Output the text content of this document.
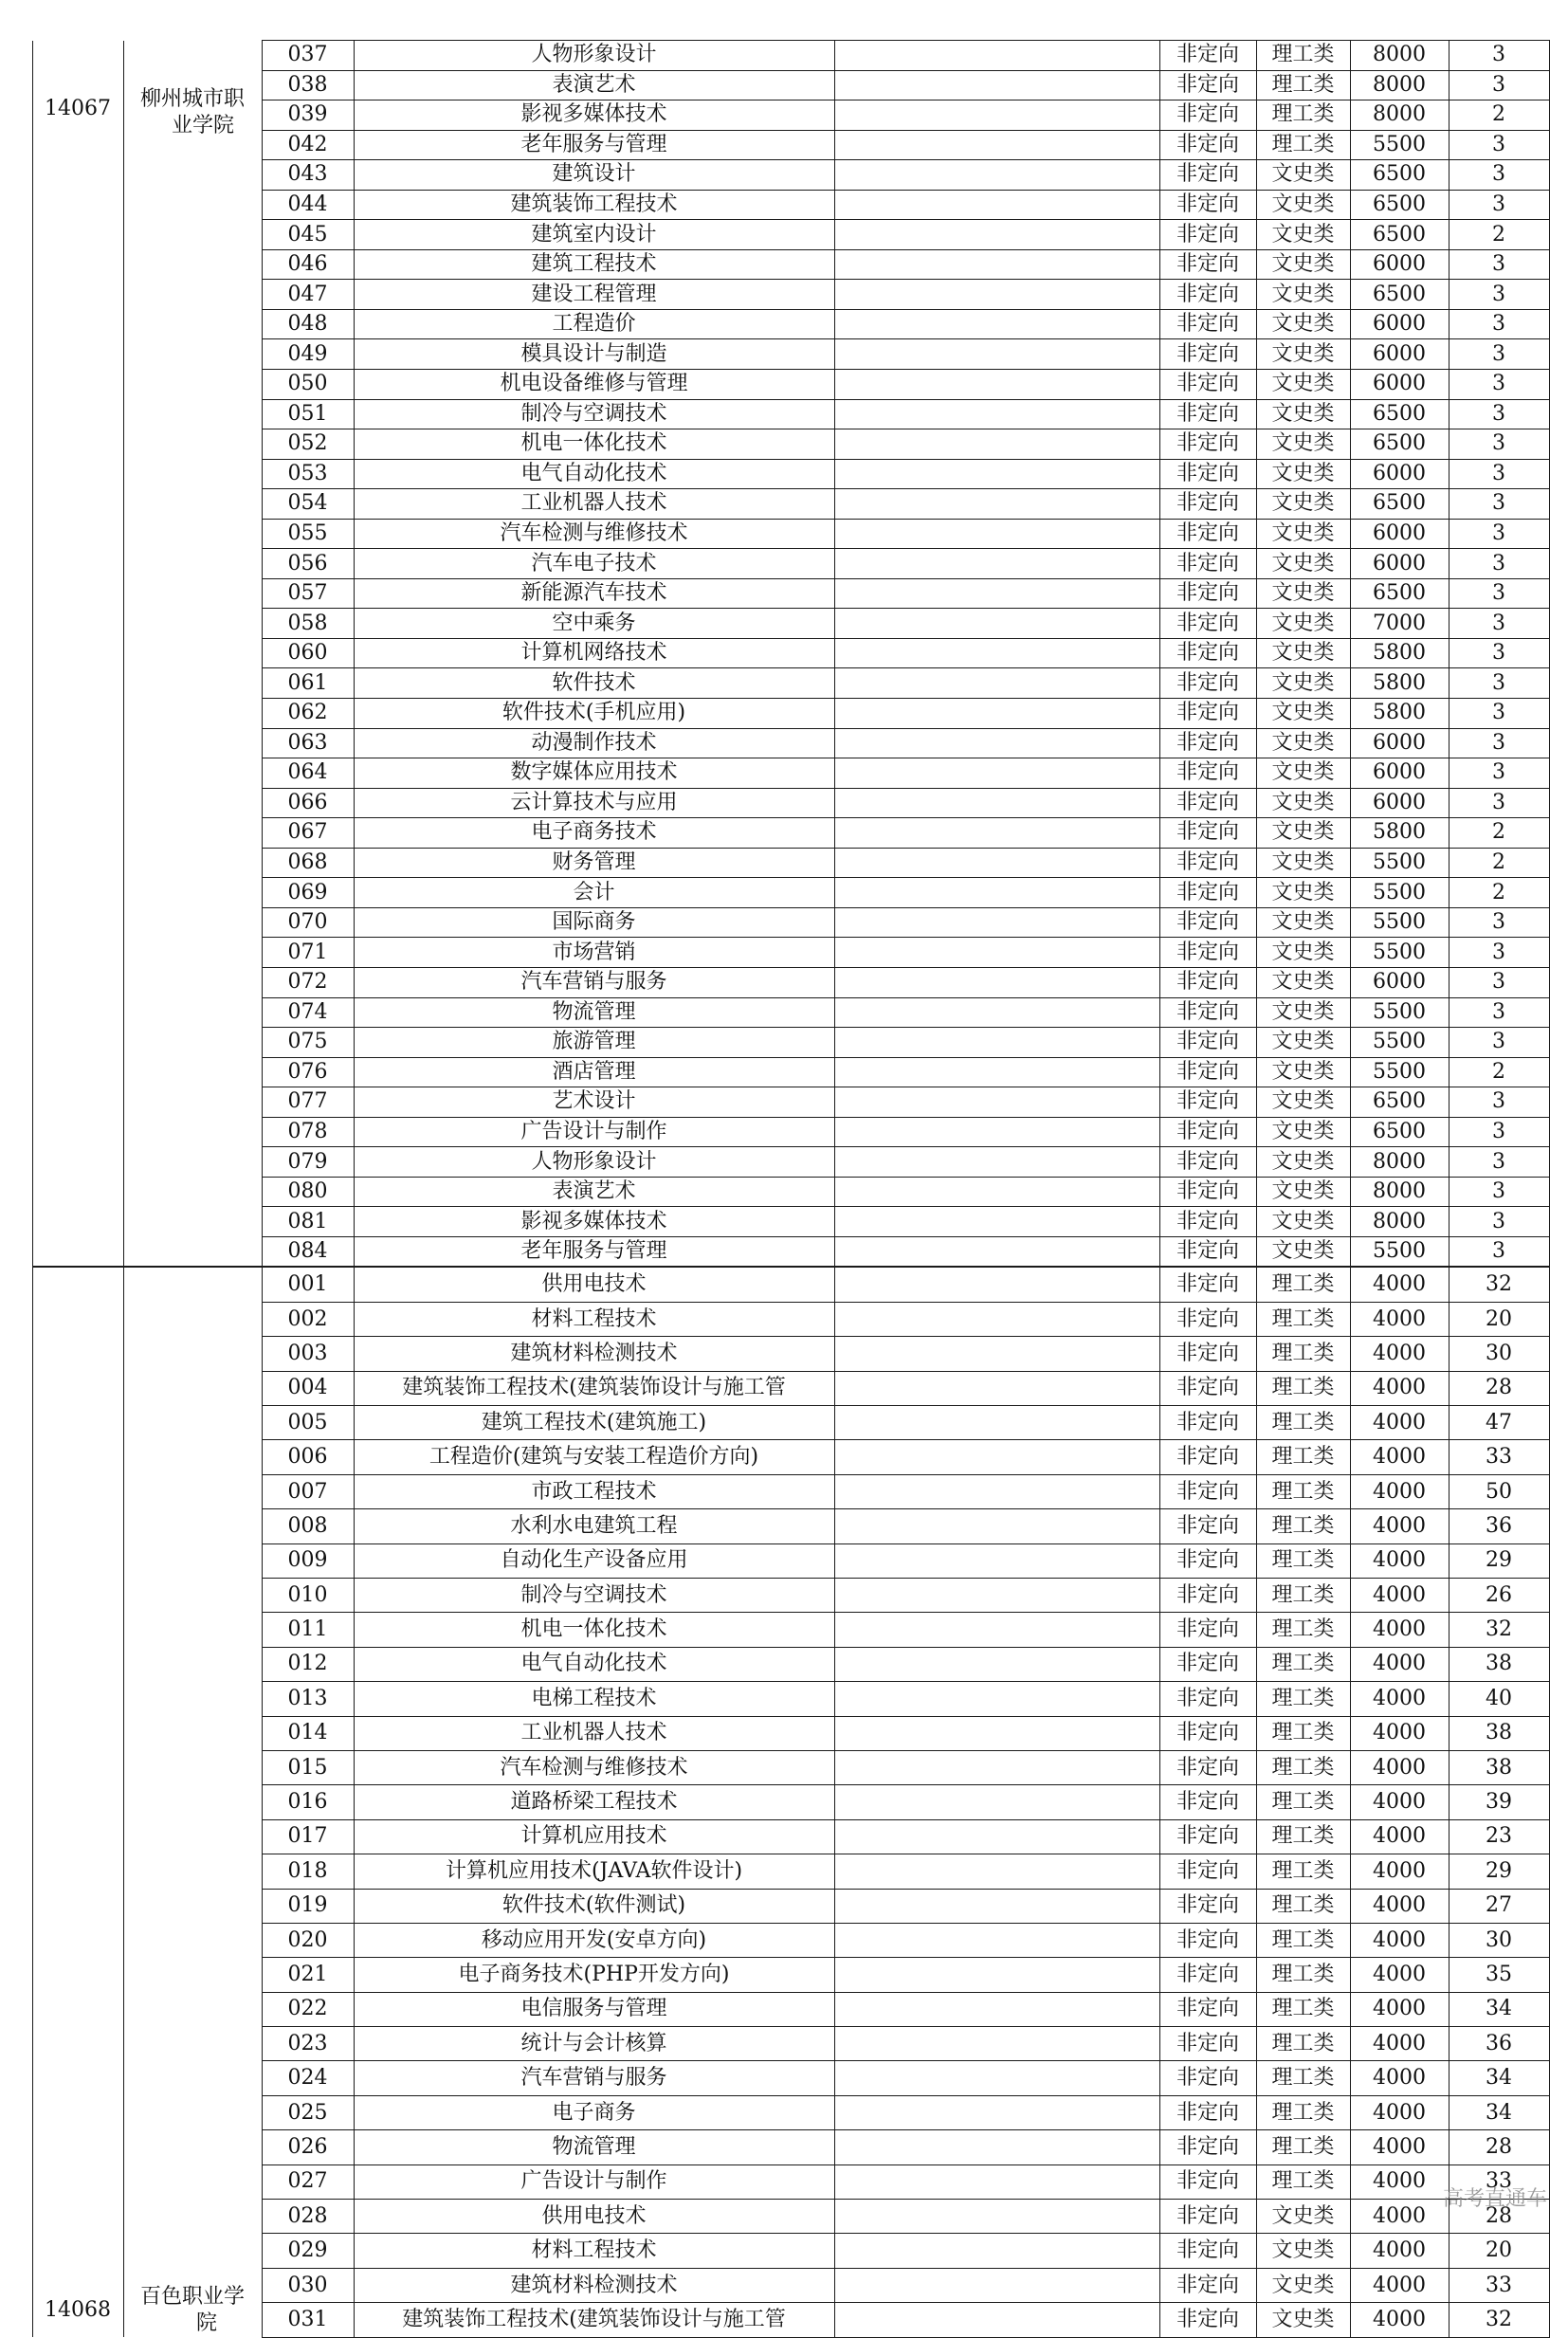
	14067	柳州城市职
业学院	037	人物形象设计		非定向	理工类	8000	3
		038	表演艺术		非定向	理工类	8000	3
		039	影视多媒体技术		非定向	理工类	8000	2
		042	老年服务与管理		非定向	理工类	5500	3
		043	建筑设计		非定向	文史类	6500	3
		044	建筑装饰工程技术		非定向	文史类	6500	3
		045	建筑室内设计		非定向	文史类	6500	2
		046	建筑工程技术		非定向	文史类	6000	3
		047	建设工程管理		非定向	文史类	6500	3
		048	工程造价		非定向	文史类	6000	3
		049	模具设计与制造		非定向	文史类	6000	3
		050	机电设备维修与管理		非定向	文史类	6000	3
		051	制冷与空调技术		非定向	文史类	6500	3
		052	机电一体化技术		非定向	文史类	6500	3
		053	电气自动化技术		非定向	文史类	6000	3
		054	工业机器人技术		非定向	文史类	6500	3
		055	汽车检测与维修技术		非定向	文史类	6000	3
		056	汽车电子技术		非定向	文史类	6000	3
		057	新能源汽车技术		非定向	文史类	6500	3
		058	空中乘务		非定向	文史类	7000	3
		060	计算机网络技术		非定向	文史类	5800	3
		061	软件技术		非定向	文史类	5800	3
		062	软件技术(手机应用)		非定向	文史类	5800	3
		063	动漫制作技术		非定向	文史类	6000	3
		064	数字媒体应用技术		非定向	文史类	6000	3
		066	云计算技术与应用		非定向	文史类	6000	3
		067	电子商务技术		非定向	文史类	5800	2
		068	财务管理		非定向	文史类	5500	2
		069	会计		非定向	文史类	5500	2
		070	国际商务		非定向	文史类	5500	3
		071	市场营销		非定向	文史类	5500	3
		072	汽车营销与服务		非定向	文史类	6000	3
		074	物流管理		非定向	文史类	5500	3
		075	旅游管理		非定向	文史类	5500	3
		076	酒店管理		非定向	文史类	5500	2
		077	艺术设计		非定向	文史类	6500	3
		078	广告设计与制作		非定向	文史类	6500	3
		079	人物形象设计		非定向	文史类	8000	3
		080	表演艺术		非定向	文史类	8000	3
		081	影视多媒体技术		非定向	文史类	8000	3
		084	老年服务与管理		非定向	文史类	5500	3
	14068	百色职业学
院	001	供用电技术		非定向	理工类	4000	32
		002	材料工程技术		非定向	理工类	4000	20
		003	建筑材料检测技术		非定向	理工类	4000	30
		004	建筑装饰工程技术(建筑装饰设计与施工管		非定向	理工类	4000	28
		005	建筑工程技术(建筑施工)		非定向	理工类	4000	47
		006	工程造价(建筑与安装工程造价方向)		非定向	理工类	4000	33
		007	市政工程技术		非定向	理工类	4000	50
		008	水利水电建筑工程		非定向	理工类	4000	36
		009	自动化生产设备应用		非定向	理工类	4000	29
		010	制冷与空调技术		非定向	理工类	4000	26
		011	机电一体化技术		非定向	理工类	4000	32
		012	电气自动化技术		非定向	理工类	4000	38
		013	电梯工程技术		非定向	理工类	4000	40
		014	工业机器人技术		非定向	理工类	4000	38
		015	汽车检测与维修技术		非定向	理工类	4000	38
		016	道路桥梁工程技术		非定向	理工类	4000	39
		017	计算机应用技术		非定向	理工类	4000	23
		018	计算机应用技术(JAVA软件设计)		非定向	理工类	4000	29
		019	软件技术(软件测试)		非定向	理工类	4000	27
		020	移动应用开发(安卓方向)		非定向	理工类	4000	30
		021	电子商务技术(PHP开发方向)		非定向	理工类	4000	35
		022	电信服务与管理		非定向	理工类	4000	34
		023	统计与会计核算		非定向	理工类	4000	36
		024	汽车营销与服务		非定向	理工类	4000	34
		025	电子商务		非定向	理工类	4000	34
		026	物流管理		非定向	理工类	4000	28
		027	广告设计与制作		非定向	理工类	4000	33
		028	供用电技术		非定向	文史类	4000	28
		029	材料工程技术		非定向	文史类	4000	20
		030	建筑材料检测技术		非定向	文史类	4000	33
		031	建筑装饰工程技术(建筑装饰设计与施工管		非定向	文史类	4000	32
高考直通车
